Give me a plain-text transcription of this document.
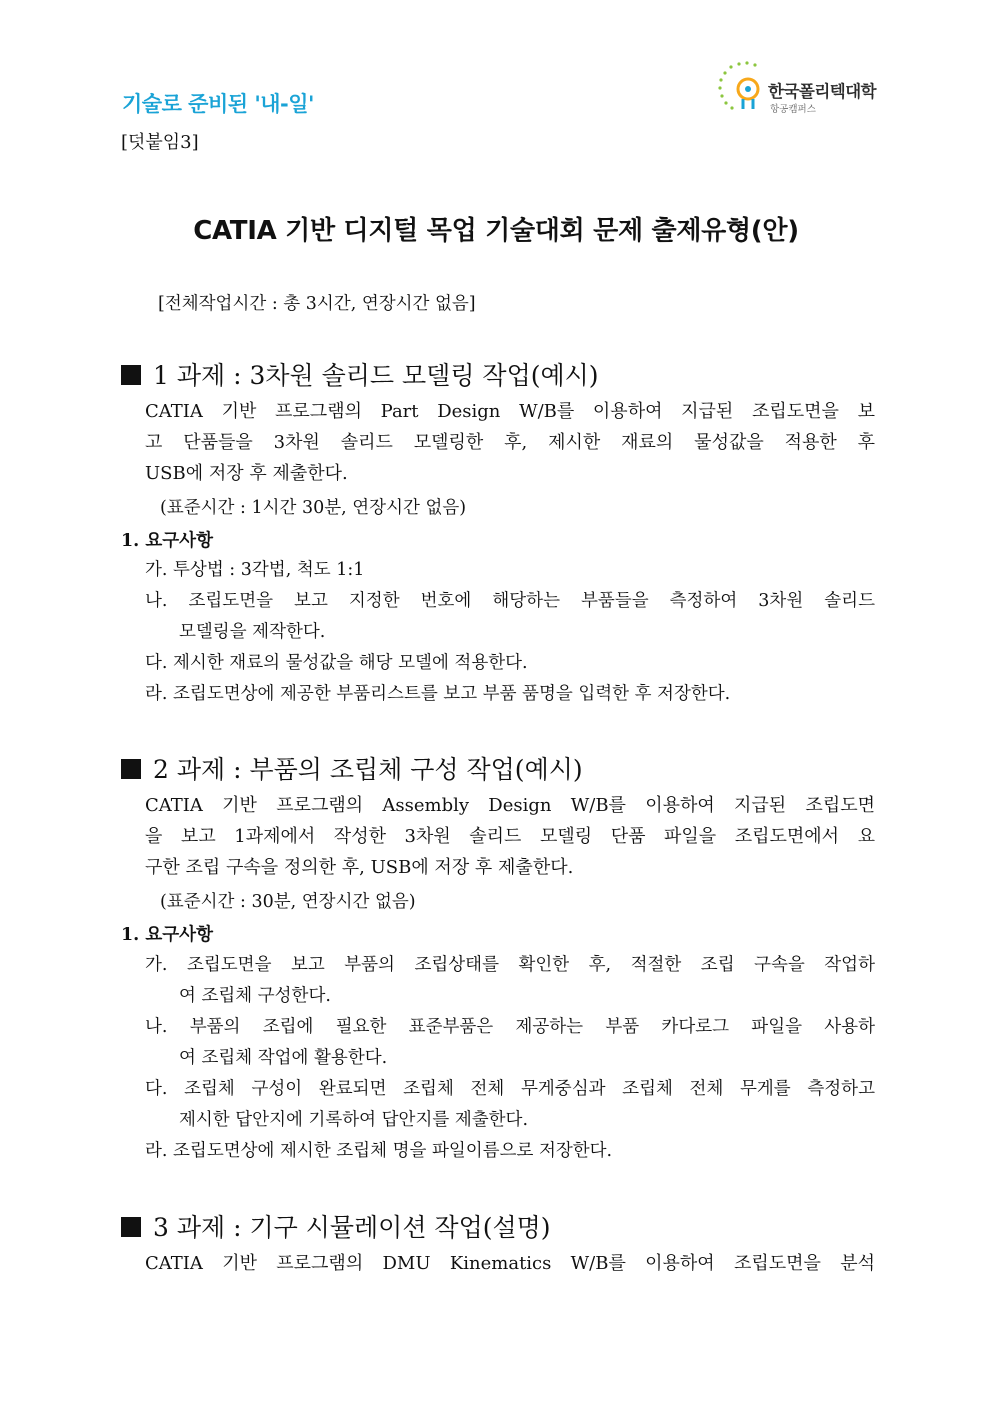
기술로 준비된 '내-일'
[덧붙임3]
한국폴리텍대학
항공캠퍼스
CATIA 기반 디지털 목업 기술대회 문제 출제유형(안)
[전체작업시간 : 총 3시간, 연장시간 없음]
1 과제 : 3차원 솔리드 모델링 작업(예시)
CATIA 기반 프로그램의 Part Design W/B를 이용하여 지급된 조립도면을 보
고 단품들을 3차원 솔리드 모델링한 후, 제시한 재료의 물성값을 적용한 후
USB에 저장 후 제출한다.
(표준시간 : 1시간 30분, 연장시간 없음)
1. 요구사항
가. 투상법 : 3각법, 척도 1:1
나. 조립도면을 보고 지정한 번호에 해당하는 부품들을 측정하여 3차원 솔리드
모델링을 제작한다.
다. 제시한 재료의 물성값을 해당 모델에 적용한다.
라. 조립도면상에 제공한 부품리스트를 보고 부품 품명을 입력한 후 저장한다.
2 과제 : 부품의 조립체 구성 작업(예시)
CATIA 기반 프로그램의 Assembly Design W/B를 이용하여 지급된 조립도면
을 보고 1과제에서 작성한 3차원 솔리드 모델링 단품 파일을 조립도면에서 요
구한 조립 구속을 정의한 후, USB에 저장 후 제출한다.
(표준시간 : 30분, 연장시간 없음)
1. 요구사항
가. 조립도면을 보고 부품의 조립상태를 확인한 후, 적절한 조립 구속을 작업하
여 조립체 구성한다.
나. 부품의 조립에 필요한 표준부품은 제공하는 부품 카다로그 파일을 사용하
여 조립체 작업에 활용한다.
다. 조립체 구성이 완료되면 조립체 전체 무게중심과 조립체 전체 무게를 측정하고
제시한 답안지에 기록하여 답안지를 제출한다.
라. 조립도면상에 제시한 조립체 명을 파일이름으로 저장한다.
3 과제 : 기구 시뮬레이션 작업(설명)
CATIA 기반 프로그램의 DMU Kinematics W/B를 이용하여 조립도면을 분석
